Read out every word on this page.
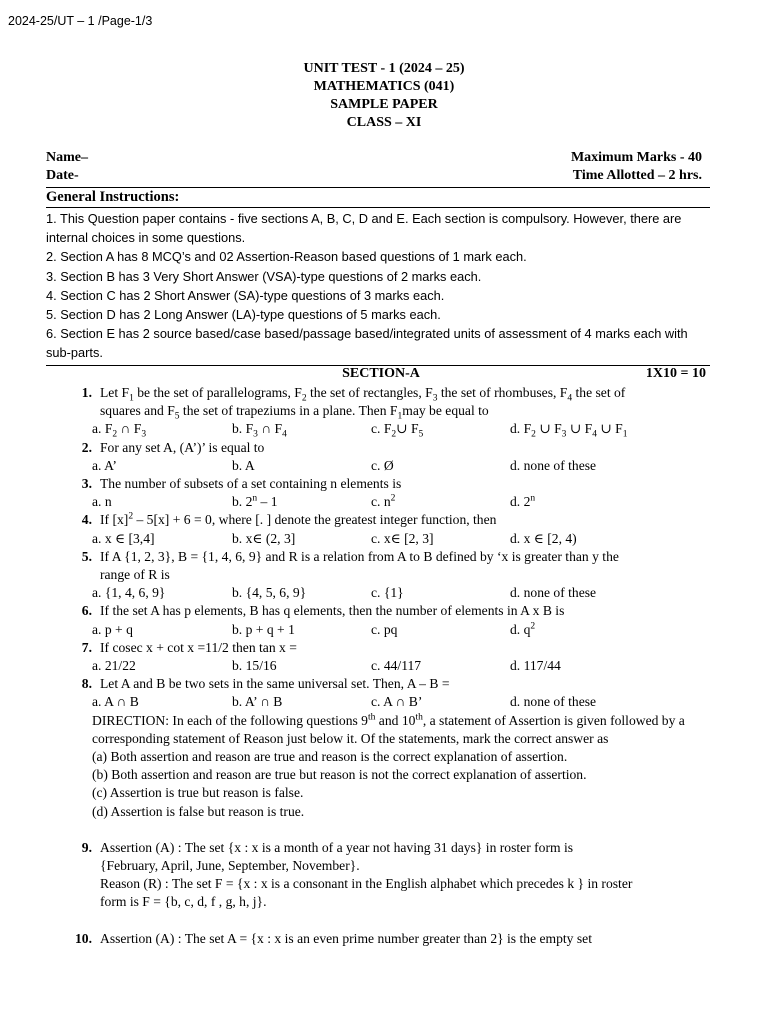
2024-25/UT – 1 /Page-1/3
UNIT TEST - 1 (2024 – 25)
MATHEMATICS (041)
SAMPLE PAPER
CLASS – XI
Name–	Maximum Marks - 40
Date-	Time Allotted – 2 hrs.
General Instructions:
1. This Question paper contains - five sections A, B, C, D and E. Each section is compulsory. However, there are internal choices in some questions.
2. Section A has 8 MCQ’s and 02 Assertion-Reason based questions of 1 mark each.
3. Section B has 3 Very Short Answer (VSA)-type questions of 2 marks each.
4. Section C has 2 Short Answer (SA)-type questions of 3 marks each.
5. Section D has 2 Long Answer (LA)-type questions of 5 marks each.
6. Section E has 2 source based/case based/passage based/integrated units of assessment of 4 marks each with sub-parts.
SECTION-A	1X10 = 10
1. Let $F_1$ be the set of parallelograms, $F_2$ the set of rectangles, $F_3$ the set of rhombuses, $F_4$ the set of
squares and $F_5$ the set of trapeziums in a plane. Then $F_1may$ be equal to
a. $F_2$ ∩ $F_3$	b. $F_3$ ∩ $F_4$	c. $F_2\cup$ $F_5$	d. $F_2$ ∪ $F_3$ ∪ $F_4$ ∪ $F_1$
2. For any set A, (A’)’ is equal to
a. A’	b. A	c. Ø	d. none of these
3. The number of subsets of a set containing n elements is
a. n	b. 2$^n$ – 1	c. $n^2$	d. 2$^n$
4. If $[x]^2 - 5[x] + 6 = 0$, where [. ] denote the greatest integer function, then
a. x ∈ [3,4]	b. x∈ (2, 3]	c. x∈ [2, 3]	d. x ∈ [2, 4)
5. If A {1, 2, 3}, B = {1, 4, 6, 9} and R is a relation from A to B defined by ‘x is greater than y the
range of R is
a. {1, 4, 6, 9}	b. {4, 5, 6, 9}	c. {1}	d. none of these
6. If the set A has p elements, B has q elements, then the number of elements in A x B is
a. p + q	b. p + q + 1	c. pq	d. $q^2$
7. If cosec x + cot x =11/2 then tan x =
a. 21/22	b. 15/16	c. 44/117	d. 117/44
8. Let A and B be two sets in the same universal set. Then, A – B =
a. A ∩ B	b. A’ ∩ B	c. A ∩ B’	d. none of these
DIRECTION: In each of the following questions 9th and 10th, a statement of Assertion is given followed by a corresponding statement of Reason just below it. Of the statements, mark the correct answer as
(a) Both assertion and reason are true and reason is the correct explanation of assertion.
(b) Both assertion and reason are true but reason is not the correct explanation of assertion.
(c) Assertion is true but reason is false.
(d) Assertion is false but reason is true.
9. Assertion (A) : The set {x : x is a month of a year not having 31 days} in roster form is
{February, April, June, September, November}.
Reason (R) : The set F = {x : x is a consonant in the English alphabet which precedes k } in roster
form is F = {b, c, d, f , g, h, j}.
10. Assertion (A) : The set A = {x : x is an even prime number greater than 2} is the empty set
